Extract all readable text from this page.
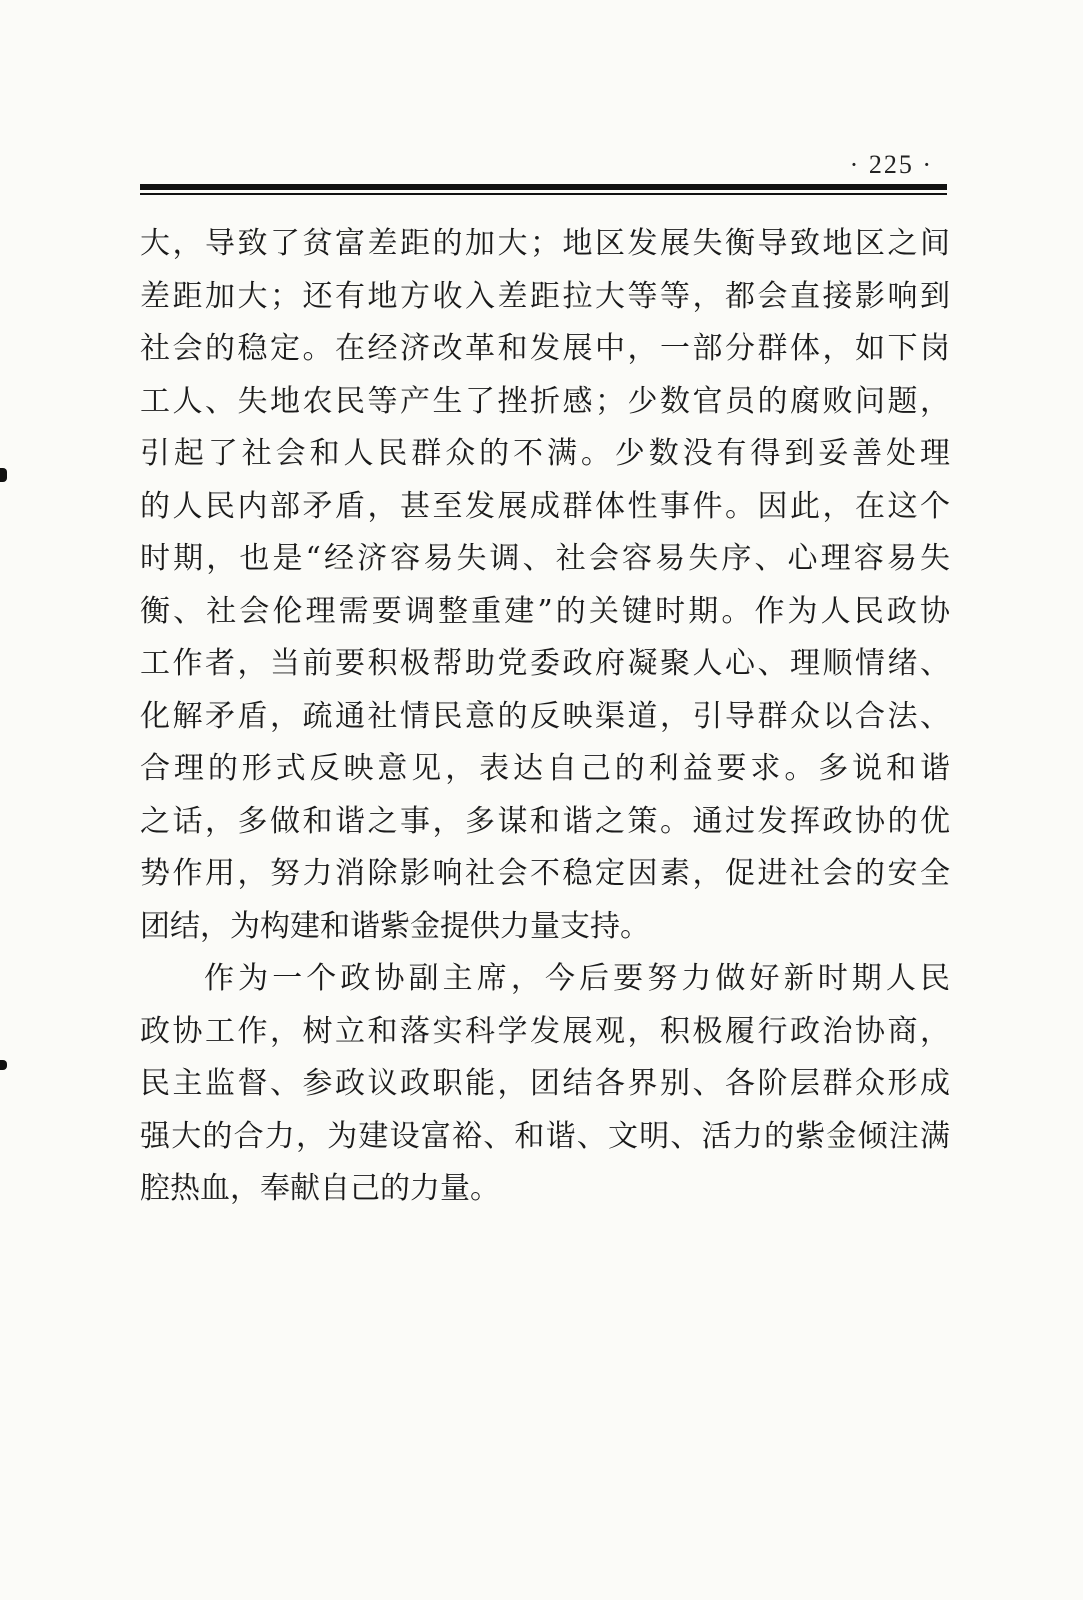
· 225 ·
大，导致了贫富差距的加大；地区发展失衡导致地区之间
差距加大；还有地方收入差距拉大等等，都会直接影响到
社会的稳定。在经济改革和发展中，一部分群体，如下岗
工人、失地农民等产生了挫折感；少数官员的腐败问题，
引起了社会和人民群众的不满。少数没有得到妥善处理
的人民内部矛盾，甚至发展成群体性事件。因此，在这个
时期，也是“经济容易失调、社会容易失序、心理容易失
衡、社会伦理需要调整重建”的关键时期。作为人民政协
工作者，当前要积极帮助党委政府凝聚人心、理顺情绪、
化解矛盾，疏通社情民意的反映渠道，引导群众以合法、
合理的形式反映意见，表达自己的利益要求。多说和谐
之话，多做和谐之事，多谋和谐之策。通过发挥政协的优
势作用，努力消除影响社会不稳定因素，促进社会的安全
团结，为构建和谐紫金提供力量支持。
作为一个政协副主席，今后要努力做好新时期人民
政协工作，树立和落实科学发展观，积极履行政治协商，
民主监督、参政议政职能，团结各界别、各阶层群众形成
强大的合力，为建设富裕、和谐、文明、活力的紫金倾注满
腔热血，奉献自己的力量。
